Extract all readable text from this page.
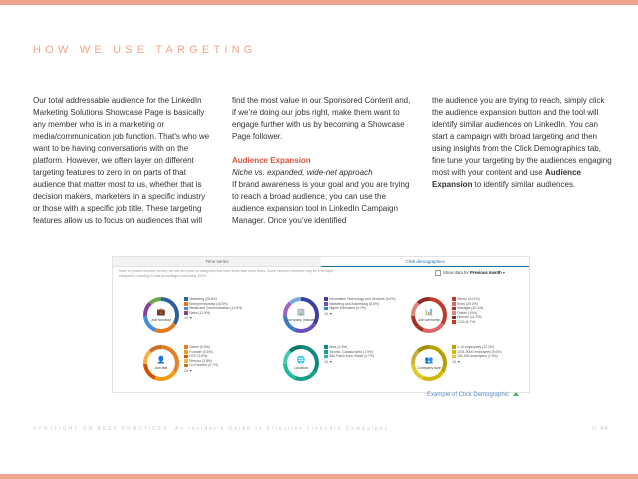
HOW WE USE TARGETING

Our total addressable audience for the LinkedIn Marketing Solutions Showcase Page is basically any member who is in a marketing or media/communication job function. That’s who we want to be having conversations with on the platform. However, we often layer on different targeting features to zero in on parts of that audience that matter most to us, whether that is decision makers, marketers in a specific industry or those with a specific job title. These targeting features allow us to focus on audiences that will

find the most value in our Sponsored Content and, if we’re doing our jobs right, make them want to engage further with us by becoming a Showcase Page follower.

Audience Expansion

Niche vs. expanded, wide-net approach

If brand awareness is your goal and you are trying to reach a broad audience, you can use the audience expansion tool in LinkedIn Campaign Manager. Once you’ve identified

the audience you are trying to reach, simply click the audience expansion button and the tool will identify similar audiences on LinkedIn. You can start a campaign with broad targeting and then using insights from the Click Demographics tab, fine tune your targeting by the audiences engaging most with your content and use Audience Expansion to identify similar audiences.

Time series	Click demographics
Note: to protect member privacy, we will not report on categories that have fewer than three clicks. Some LinkedIn members may be in multiple categories, resulting in total percentages exceeding 100%.
Show data for Previous month ▾
💼
Job function
Marketing (25.6%)
Entrepreneurship (15.5%)
Media and Communication (14.8%)
Sales (11.9%)
10 ▼
🏢
Company industry
Information Technology and Services (9.4%)
Marketing and Advertising (8.6%)
Higher Education (4.7%)
10 ▼	📊
Job seniority
Senior (24.1%)
Entry (20.2%)
Manager (20.1%)
Owner (10%)
Director (11.2%)
CXO (6.7%)
👤
Job title
Owner (5.8%)
Founder (5.6%)
CEO (3.8%)
Director (2.8%)
Co-Founder (2.7%)
10 ▼
🌐
Location
Area (2.4%)
Toronto, Canada Area (1.9%)
São Paulo Area, Brazil (1.7%)
10 ▼	👥
Company size
1-10 employees (12.2%)
1001-5000 employees (9.6%)
201-500 employees (7.4%)
10 ▼
Example of Click Demographic
SPOTLIGHT ON BEST PRACTICES: An Insider’s Guide to Effective LinkedIn Campaigns	// 44
